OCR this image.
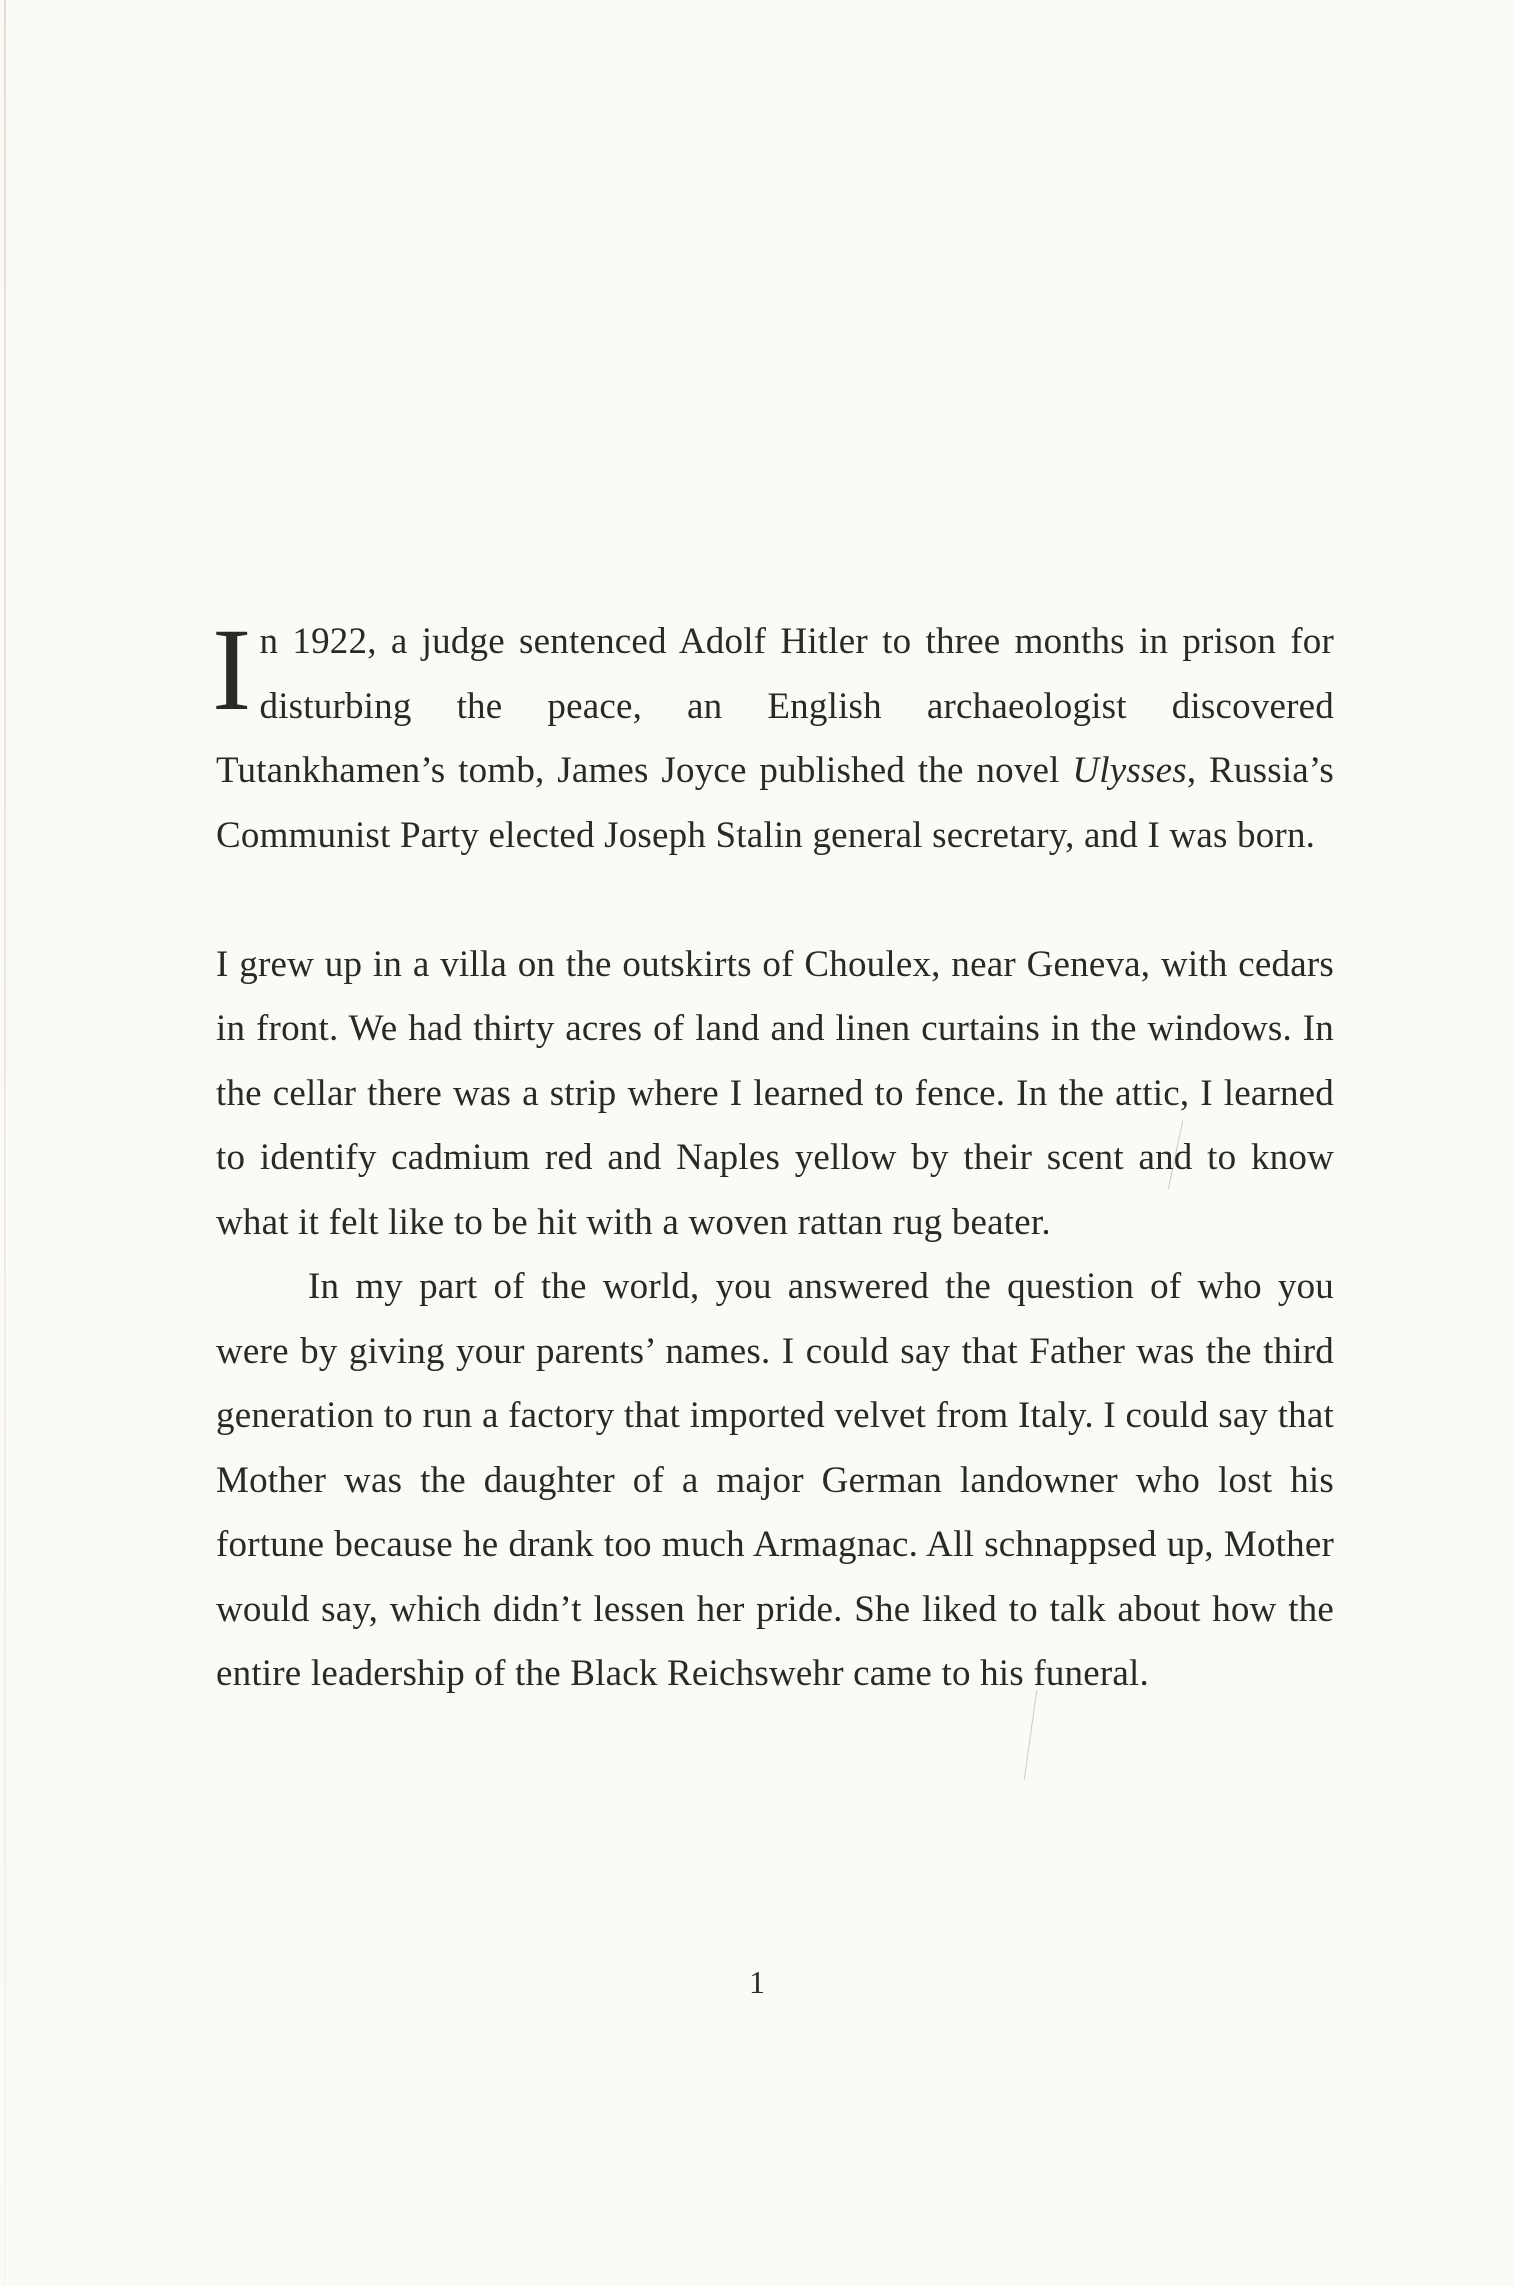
In 1922, a judge sentenced Adolf Hitler to three months in prison for disturbing the peace, an English archaeologist discovered Tutankhamen’s tomb, James Joyce published the novel Ulysses, Russia’s Communist Party elected Joseph Stalin general secretary, and I was born.

I grew up in a villa on the outskirts of Choulex, near Geneva, with cedars in front. We had thirty acres of land and linen curtains in the windows. In the cellar there was a strip where I learned to fence. In the attic, I learned to identify cadmium red and Naples yellow by their scent and to know what it felt like to be hit with a woven rattan rug beater.

In my part of the world, you answered the question of who you were by giving your parents’ names. I could say that Father was the third generation to run a factory that imported velvet from Italy. I could say that Mother was the daughter of a major German landowner who lost his fortune because he drank too much Armagnac. All schnappsed up, Mother would say, which didn’t lessen her pride. She liked to talk about how the entire leadership of the Black Reichswehr came to his funeral.

1
